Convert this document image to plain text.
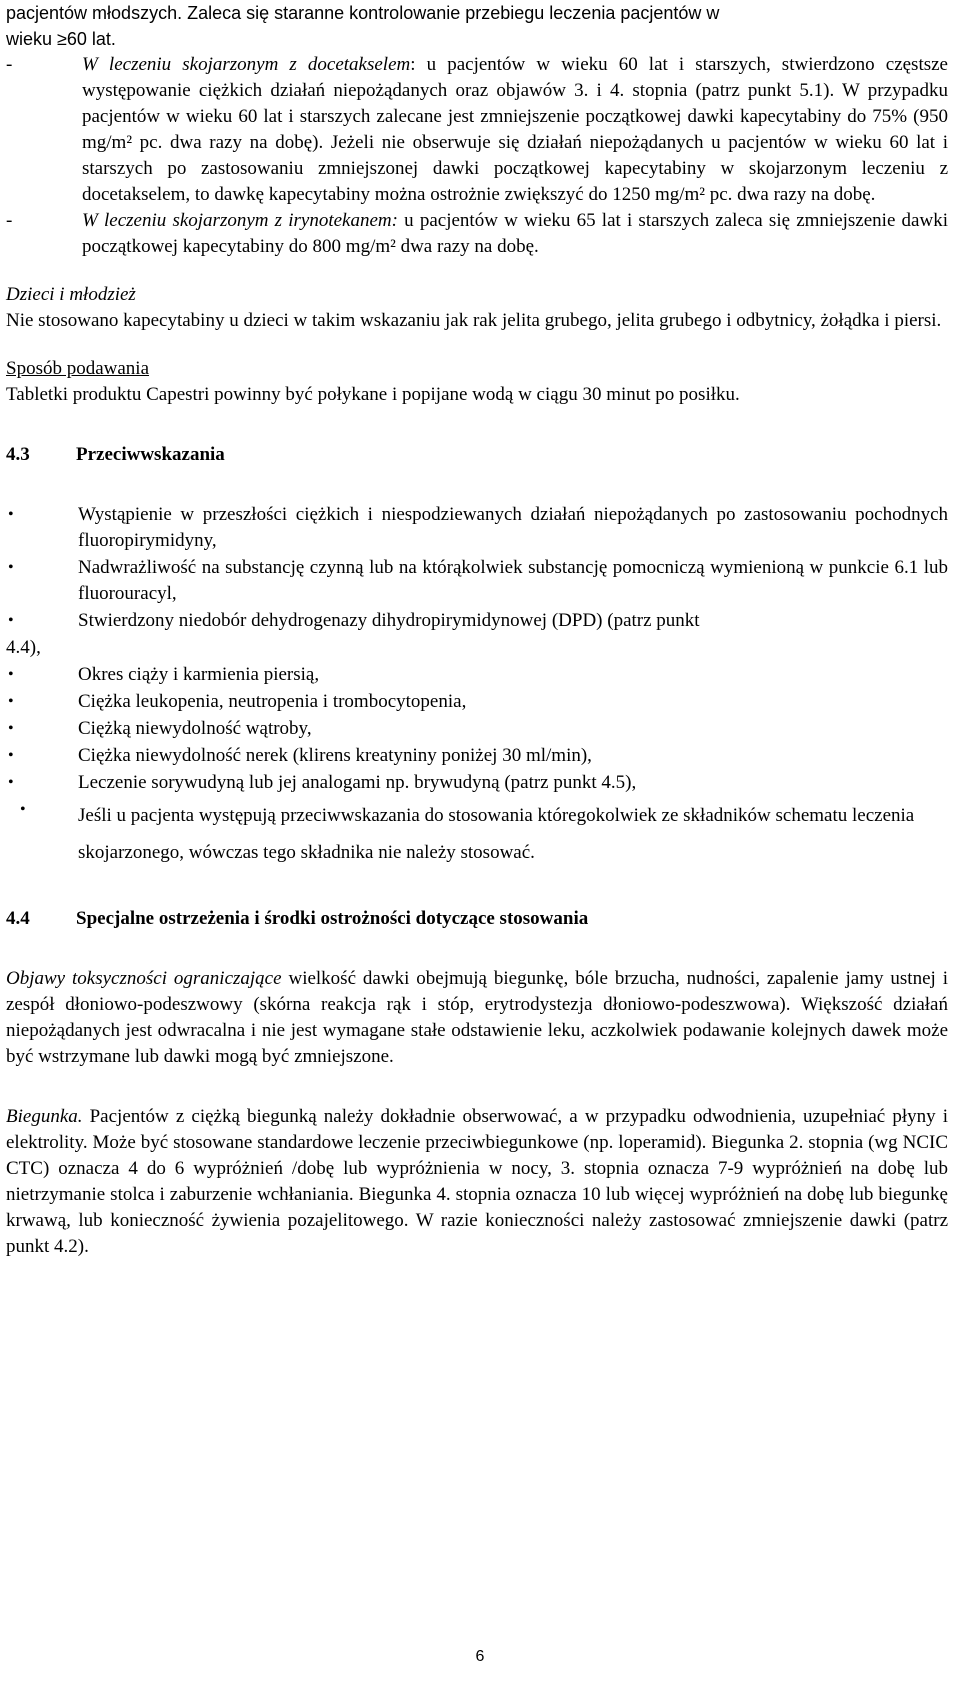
pacjentów młodszych. Zaleca się staranne kontrolowanie przebiegu leczenia pacjentów w

wieku ≥60 lat.

-	W leczeniu skojarzonym z docetakselem: u pacjentów w wieku 60 lat i starszych, stwierdzono częstsze występowanie ciężkich działań niepożądanych oraz objawów 3. i 4. stopnia (patrz punkt 5.1). W przypadku pacjentów w wieku 60 lat i starszych zalecane jest zmniejszenie początkowej dawki kapecytabiny do 75% (950 mg/m² pc. dwa razy na dobę). Jeżeli nie obserwuje się działań niepożądanych u pacjentów w wieku 60 lat i starszych po zastosowaniu zmniejszonej dawki początkowej kapecytabiny w skojarzonym leczeniu z docetakselem, to dawkę kapecytabiny można ostrożnie zwiększyć do 1250 mg/m² pc. dwa razy na dobę.
-	W leczeniu skojarzonym z irynotekanem: u pacjentów w wieku 65 lat i starszych zaleca się zmniejszenie dawki początkowej kapecytabiny do 800 mg/m² dwa razy na dobę.

Dzieci i młodzież

Nie stosowano kapecytabiny u dzieci w takim wskazaniu jak rak jelita grubego, jelita grubego i odbytnicy, żołądka i piersi.

Sposób podawania

Tabletki produktu Capestri powinny być połykane i popijane wodą w ciągu 30 minut po posiłku.

4.3	Przeciwwskazania
•	Wystąpienie w przeszłości ciężkich i niespodziewanych działań niepożądanych po zastosowaniu pochodnych fluoropirymidyny,
•	Nadwrażliwość na substancję czynną lub na którąkolwiek substancję pomocniczą wymienioną w punkcie 6.1 lub fluorouracyl,
•	Stwierdzony niedobór dehydrogenazy dihydropirymidynowej (DPD) (patrz punkt
4.4),
•	Okres ciąży i karmienia piersią,
•	Ciężka leukopenia, neutropenia i trombocytopenia,
•	Ciężką niewydolność wątroby,
•	Ciężka niewydolność nerek (klirens kreatyniny poniżej 30 ml/min),
•	Leczenie sorywudyną lub jej analogami np. brywudyną (patrz punkt 4.5),
•	Jeśli u pacjenta występują przeciwwskazania do stosowania któregokolwiek ze składników schematu leczenia skojarzonego, wówczas tego składnika nie należy stosować.
4.4	Specjalne ostrzeżenia i środki ostrożności dotyczące stosowania

Objawy toksyczności ograniczające wielkość dawki obejmują biegunkę, bóle brzucha, nudności, zapalenie jamy ustnej i zespół dłoniowo-podeszwowy (skórna reakcja rąk i stóp, erytrodystezja dłoniowo-podeszwowa). Większość działań niepożądanych jest odwracalna i nie jest wymagane stałe odstawienie leku, aczkolwiek podawanie kolejnych dawek może być wstrzymane lub dawki mogą być zmniejszone.

Biegunka. Pacjentów z ciężką biegunką należy dokładnie obserwować, a w przypadku odwodnienia, uzupełniać płyny i elektrolity. Może być stosowane standardowe leczenie przeciwbiegunkowe (np. loperamid). Biegunka 2. stopnia (wg NCIC CTC) oznacza 4 do 6 wypróżnień /dobę lub wypróżnienia w nocy, 3. stopnia oznacza 7-9 wypróżnień na dobę lub nietrzymanie stolca i zaburzenie wchłaniania. Biegunka 4. stopnia oznacza 10 lub więcej wypróżnień na dobę lub biegunkę krwawą, lub konieczność żywienia pozajelitowego. W razie konieczności należy zastosować zmniejszenie dawki (patrz punkt 4.2).

6
